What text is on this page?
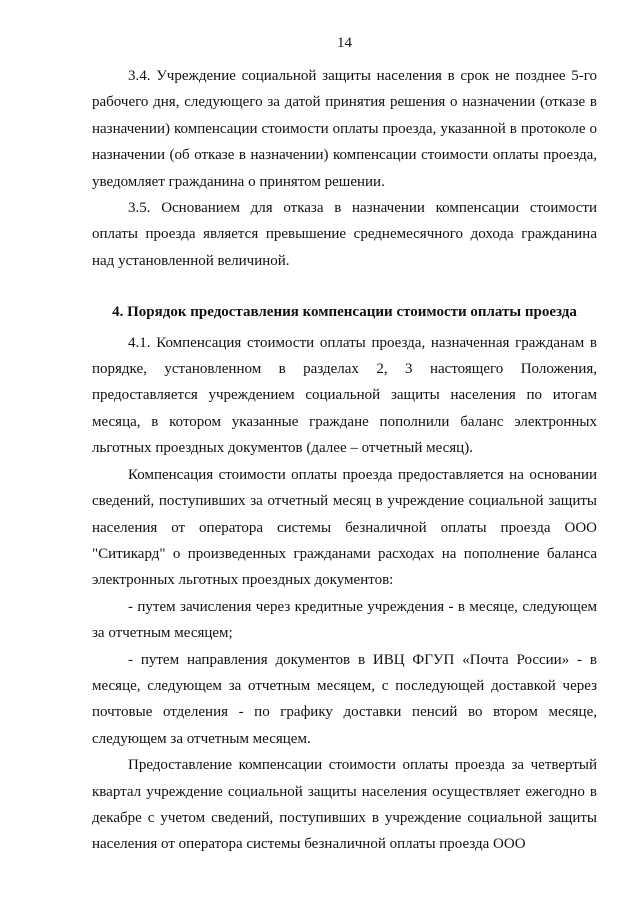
14

3.4. Учреждение социальной защиты населения в срок не позднее 5-го рабочего дня, следующего за датой принятия решения о назначении (отказе в назначении) компенсации стоимости оплаты проезда, указанной в протоколе о назначении (об отказе в назначении) компенсации стоимости оплаты проезда, уведомляет гражданина о принятом решении.

3.5. Основанием для отказа в назначении компенсации стоимости оплаты проезда является превышение среднемесячного дохода гражданина над установленной величиной.

4. Порядок предоставления компенсации стоимости оплаты проезда

4.1. Компенсация стоимости оплаты проезда, назначенная гражданам в порядке, установленном в разделах 2, 3 настоящего Положения, предоставляется учреждением социальной защиты населения по итогам месяца, в котором указанные граждане пополнили баланс электронных льготных проездных документов (далее – отчетный месяц).

Компенсация стоимости оплаты проезда предоставляется на основании сведений, поступивших за отчетный месяц в учреждение социальной защиты населения от оператора системы безналичной оплаты проезда ООО "Ситикард" о произведенных гражданами расходах на пополнение баланса электронных льготных проездных документов:

- путем зачисления через кредитные учреждения - в месяце, следующем за отчетным месяцем;

- путем направления документов в ИВЦ ФГУП «Почта России» - в месяце, следующем за отчетным месяцем, с последующей доставкой через почтовые отделения - по графику доставки пенсий во втором месяце, следующем за отчетным месяцем.

Предоставление компенсации стоимости оплаты проезда за четвертый квартал учреждение социальной защиты населения осуществляет ежегодно в декабре с учетом сведений, поступивших в учреждение социальной защиты населения от оператора системы безналичной оплаты проезда ООО
